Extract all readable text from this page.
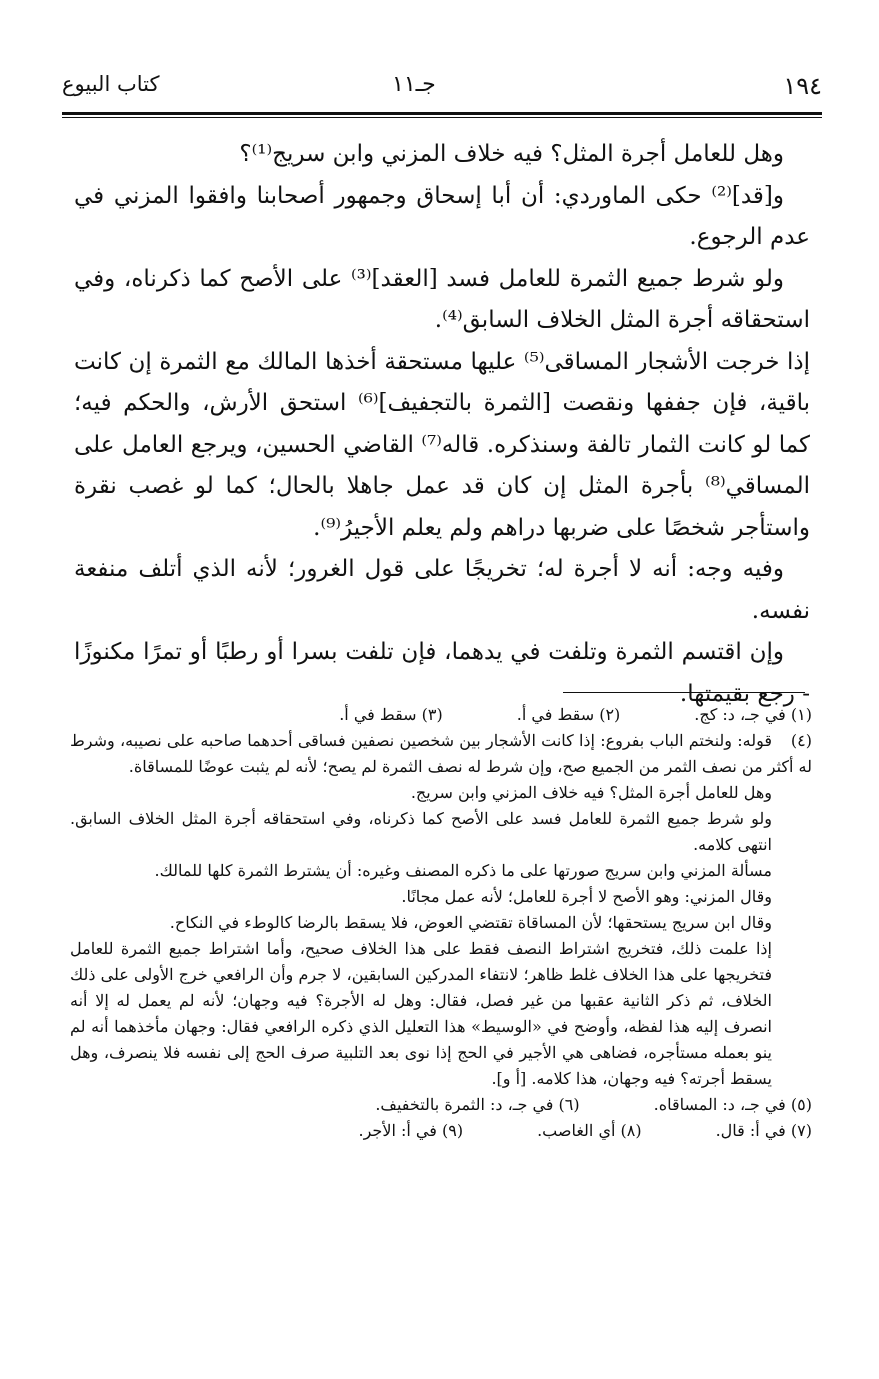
١٩٤
جـ١١
كتاب البيوع

وهل للعامل أجرة المثل؟ فيه خلاف المزني وابن سريج⁽¹⁾؟

و[قد]⁽²⁾ حكى الماوردي: أن أبا إسحاق وجمهور أصحابنا وافقوا المزني في عدم الرجوع.

ولو شرط جميع الثمرة للعامل فسد [العقد]⁽³⁾ على الأصح كما ذكرناه، وفي استحقاقه أجرة المثل الخلاف السابق⁽⁴⁾.

إذا خرجت الأشجار المساقى⁽⁵⁾ عليها مستحقة أخذها المالك مع الثمرة إن كانت باقية، فإن جففها ونقصت [الثمرة بالتجفيف]⁽⁶⁾ استحق الأرش، والحكم فيه؛ كما لو كانت الثمار تالفة وسنذكره. قاله⁽⁷⁾ القاضي الحسين، ويرجع العامل على المساقي⁽⁸⁾ بأجرة المثل إن كان قد عمل جاهلا بالحال؛ كما لو غصب نقرة واستأجر شخصًا على ضربها دراهم ولم يعلم الأجيرُ⁽⁹⁾.

وفيه وجه: أنه لا أجرة له؛ تخريجًا على قول الغرور؛ لأنه الذي أتلف منفعة نفسه.

وإن اقتسم الثمرة وتلفت في يدهما، فإن تلفت بسرا أو رطبًا أو تمرًا مكنوزًا - رجع بقيمتها.

(١) في جـ، د: كج.
(٢) سقط في أ.
(٣) سقط في أ.

(٤)قوله: ولنختم الباب بفروع: إذا كانت الأشجار بين شخصين نصفين فساقى أحدهما صاحبه على نصيبه، وشرط له أكثر من نصف الثمر من الجميع صح، وإن شرط له نصف الثمرة لم يصح؛ لأنه لم يثبت عوضًا للمساقاة.

وهل للعامل أجرة المثل؟ فيه خلاف المزني وابن سريج.

ولو شرط جميع الثمرة للعامل فسد على الأصح كما ذكرناه، وفي استحقاقه أجرة المثل الخلاف السابق. انتهى كلامه.

مسألة المزني وابن سريج صورتها على ما ذكره المصنف وغيره: أن يشترط الثمرة كلها للمالك.

وقال المزني: وهو الأصح لا أجرة للعامل؛ لأنه عمل مجانًا.

وقال ابن سريج يستحقها؛ لأن المساقاة تقتضي العوض، فلا يسقط بالرضا كالوطء في النكاح.

إذا علمت ذلك، فتخريج اشتراط النصف فقط على هذا الخلاف صحيح، وأما اشتراط جميع الثمرة للعامل فتخريجها على هذا الخلاف غلط ظاهر؛ لانتفاء المدركين السابقين، لا جرم وأن الرافعي خرج الأولى على ذلك الخلاف، ثم ذكر الثانية عقبها من غير فصل، فقال: وهل له الأجرة؟ فيه وجهان؛ لأنه لم يعمل له إلا أنه انصرف إليه هذا لفظه، وأوضح في «الوسيط» هذا التعليل الذي ذكره الرافعي فقال: وجهان مأخذهما أنه لم ينو بعمله مستأجره، فضاهى هي الأجير في الحج إذا نوى بعد التلبية صرف الحج إلى نفسه فلا ينصرف، وهل يسقط أجرته؟ فيه وجهان، هذا كلامه. [أ و].

(٥) في جـ، د: المساقاه.
(٦) في جـ، د: الثمرة بالتخفيف.
(٧) في أ: قال.
(٨) أي الغاصب.
(٩) في أ: الأجر.
